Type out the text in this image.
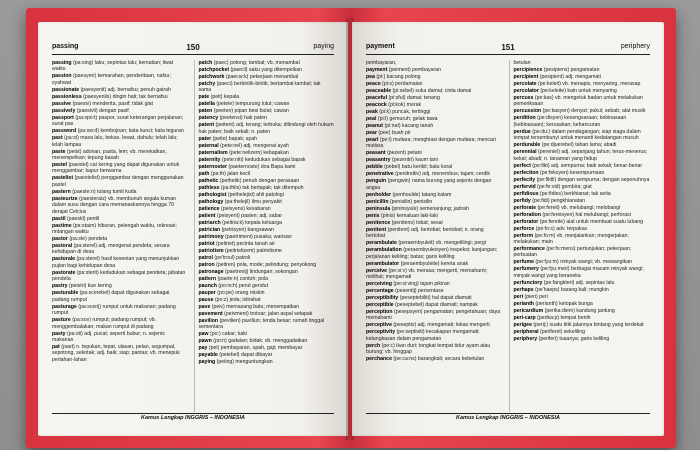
passing	150	paying

passing (pa:sing) laku; sepintas lalu; kematian; liwat waktu

passion (paesyen) kemarahan; penderitaan, nafsu; syahwat

passionate (paesyenit) adj. bernafsu; penuh gairah

passionless (paesyenlis) dingin hati; tak bernafsu

passive (paesiv) menderita, pasif; tidak giat

passively (paesivli) dengan pasif

passport (pa:spo:t) paspor, surat keterangan perjalanan; surat pas

password (pa:sw:d) kembojoan; kata kunci; kata teguran

past (pa:st) masa lalu, bekas, lewat, dahulu; telah lalu; lelah lampau

paste (peist) adonan, pasta, lem; vb. merekatkan, menempelkan; tepung basah

pastel (paestel) cat kering yang dapat digunakan untuk menggambar; kapur berwarna

pastelist (paestelist) penggambar dengan menggunakan pastel

pastern (paeste:n) tulang tumit kuda

pasteurize (paesteraiz) vb. membunuh segala kuman dalam susu dengan cara memanaskannya hingga 70 derajat Celcius

pastil (paestil) pentil

pastime (pa:staim) hiburan, pelengah waktu, rekreasi; rintangan waktu

pastor (pa:ste) pendeta

pastoral (pa:sterel) adj. mengenai pendeta; secara kehidupan di desa

pastorale (pa:sterel) hasil kesenian yang menunjukkan pujian bagi kehidupan desa

pastorate (pa:sterit) kedudukan sebagai pendeta; jabatan pendeta

pastry (peistri) kue kering

pasturable (pa:scerebel) dapat digunakan sebagai padang rumput

pasturage (pa:scerij) rumput untuk makanan; padang rumput

pasture (pa:sce) rumput; padang rumput; vb. menggembalakan; makan rumput di padang

pasty (pa:sti) adj. pucat; seperti bubur; n. sejenis makanan

pat (paet) n. tepukan, tepat, ulasan, pelan, segumpal, sepotong, sekotak; adj. baik; siap; pantas; vb. menepuk perlahan-lahan

patch (paec) potong; tambal; vb. menambal

patchpocket (paecil) saku yang ditempelkan

patchwork (paecw:k) pekerjaan menambal

patchy (paeci) berbintik-bintik; bertambal-tambal; tak sama

pate (peit) kepala

patella (petele) tempurung lutut; cawan

paten (peeten) pipan besi bulat; cawan

patency (peetensi) hak paten

patent (peitent) adj. terang; terbuka; dilindungi oleh hukum hak paten; baik sekali; n. paten

pater (peite) bapak; ayah

paternal (pete:nel) adj. mengenai ayah

paternalism (pete:nelizem) kebapakan

paternity (pete:niti) kedudukan sebagai bapak

paternoster (paeternoste) doa Bapa kami

path (pa:th) jalan kecil

pathetic (pethetik) penuh dengan perasaan

pathless (pa:thlis) tak bertapak; tak ditempuh

pathologist (pethelejist) ahli patologi

pathology (pa:thelejil) ilmu penyakit

patience (peisyens) kesabaran

patient (peisyent) pasien; adj. sabar

patriarch (peitria:k) kepala keluarga

patrician (petrisyen) bangsawan

patrimony (paetrimeni) pusaka; warisan

patriot (peitriet) pecinta tanah air

patriotism (peitrietizem) patriotisme

patrol (pe'troul) patroli

patron (peitren) pola, mode; pelindung; penyokong

patronage (paetrenij) lindungan; sokongan

pattern (paete:n) contoh; pola

paunch (po:nch) perut gendut

pauper (po:pe) orang miskin

pause (po:z) jeda; istirahat

pave (peiv) memasang batu; menempatkan

pavement (peivment) trotoar; jalan aspal setapak

pavilion (pevilien) paviliun; tenda besar; rumah tinggal sementara

paw (po:) cakar; kaki

pawn (po:n) gadaian; bidak; vb. menggadaikan

pay (pei) pembayaran, upah, gaji; membayar

payable (peiebel) dapat dibayar

paying (peiing) menguntungkan

Kamus Lengkap INGGRIS – INDONESIA
payment	151	periphery

pembayaran,

payment (peiment) pembayaran

pea (pi:) kacang polong

peace (pi:s) perdamaian

peaceable (pi:sebel) suka damai; cinta damai

peaceful (pi:sful) damai; tenang

peacock (pi:kok) merak

peak (pi:k) puncak, tertinggi

peal (pi:l) gemuruh; gelak tawa

peanut (pi:nat) kacang tanah

pear (pee) buah pir

pearl (pe:l) mutiara; menghiasi dengan mutiara; mencari mutiara

peasant (pezent) petani

peasantry (pezentri) kaum tani

pebble (pebel) batu kerikil; batu koral

penetrative (penitreitiv) adj. menembus; tajam; cerdik

penguin (pengwin) nama burung yang sejenis dengan angsa

penholder (penhoulde) tatang kalam

penicillin (penisilin) penisilin

peninsula (pininsyule) semenanjung; jazirah

penis (pinis) kemaluan laki-laki

penitence (penitens) tobat; sesal

penitent (penitent) adj. bertobat; bertobat; n. orang bertobat

perambulate (peraembyuleit) vb. mengelilingi; pergi

perambulation (peraembyuleisyen) inspeksi; kunjungan; perjalanan keliling; batas; garis keliling

perambulator (peraembyuleite) kereta anak

perceive (pe:si:v) vb. merasa; mengerti, memahami; melihat; mengamati

perceiving (pe:si:ving) tajam pikiran

percentage (pesentij) persentase

perceptibility (peseptebiliti) hal dapat diamati

perceptible (peseptebel) dapat diamati; nampak

perception (pesepsyen) pengamatan; pengetahuan; daya memahami

perceptive (peseptiv) adj. mengamati; lekas mengerti

perceptivity (pe:septiviti) kecakapan mengamati; ketangkasan dalam pengamatan

perch (pe:c) ikan duri; tongkat tempat tidur ayam atau burung; vb. hinggap

perchance (pe:ca:ns) barangkali; secara kebetulan

betulan

percipience (pesipiens) pengamatan

percipient (pesipient) adj. mengamati

percolate (pe:keleit) vb. menapis, menyaring, merasap

percolator (pe:keleite) kain untuk menyaring

percuss (pe:kas) vb. mengetuk badan untuk melakukan pemeriksaan

percussion (pe:kasyen) denyut; pukul; sebab; alat musik

perdition (pe:disyen) kesengsaraan; kebinasaan (kebinasaan); kerusakan; kehancuran

perdue (pe:du:) dalam pendagangan; siap siaga dalam tempat tersembunyi untuk menanti kedatangan musuh

perdurable (pe:djuerebel) tahan lama; abadi

perennial (pereniel) adj. sepanjang tahun; terus-menerus; kekal; abadi; n. tanaman yang hidup

perfect (pe:fikt) adj. sempurna; baik sekali; benar-benar

perfection (pe:feksyen) kesempurnaan

perfectly (pe:fiktli) dengan sempurna; dengan sepenuhnya

perfervid (pe:fe:vid) gembira; giat

perfidious (pe:fidies) berkhianat; tak setia

perfidy (pe:fidi) pengkhianatan

perforate (pe:fereit) vb. melubangi; melobangi

perforation (pe:fereisyen) hal melubangi; perforasi

perforator (pe:fereite) alat untuk membuat suatu lubang

perforce (pe:fo:s) adv. terpaksa

perform (pe:fo:m) vb. menjalankan; mengerjakan; melakukan; main

performance (pe:fo:mens) pertunjukan; pekerjaan; perbuatan

perfume (pe:fyu:m) minyak wangi; vb. mewangikan

perfumery (pe:fyu:meri) berbagai macam minyak wangi; minyak wangi yang beraneka

perfunctory (pe:fangkteri) adj. sepintas lalu

perhaps (pe'haeps) barang kali; mungkin

peri (pieri) peri

perianth (perianth) kelopak bunga

pericardium (perika:diem) kandung jantung

peri-carp (perika:p) tempat benih

perigee (perij:) suatu titik jalannya bintang yang terdekat

peripheral (periferel) sekeliling

periphery (periferi) tuaanya; garis keliling

Kamus Lengkap INGGRIS – INDONESIA
